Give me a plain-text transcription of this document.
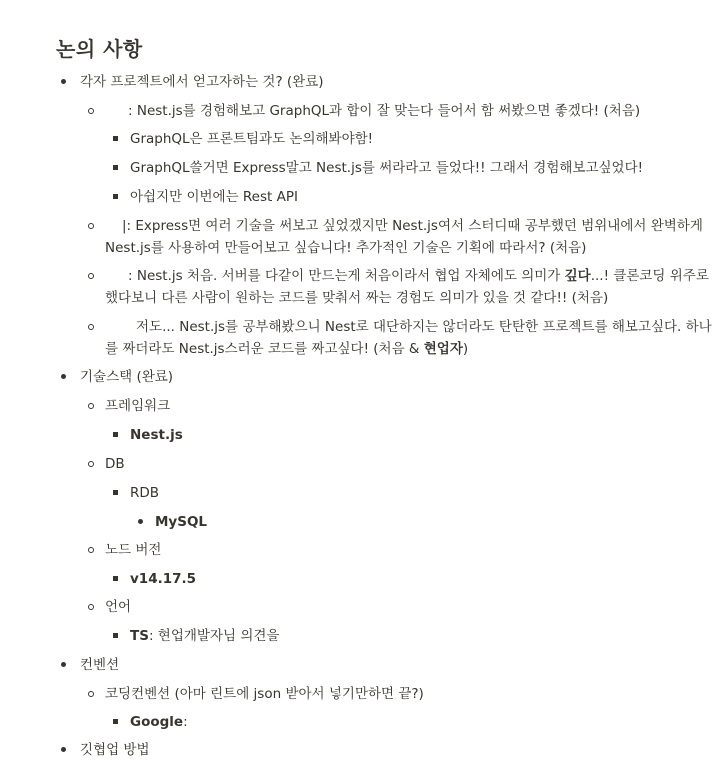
논의 사항
각자 프로젝트에서 얻고자하는 것? (완료)
: Nest.js를 경험해보고 GraphQL과 합이 잘 맞는다 들어서 함 써봤으면 좋겠다! (처음)
GraphQL은 프론트팀과도 논의해봐야함!
GraphQL쓸거면 Express말고 Nest.js를 써라라고 들었다!! 그래서 경험해보고싶었다!
아쉽지만 이번에는 Rest API
|: Express면 여러 기술을 써보고 싶었겠지만 Nest.js여서 스터디때 공부했던 범위내에서 완벽하게
Nest.js를 사용하여 만들어보고 싶습니다! 추가적인 기술은 기획에 따라서? (처음)
: Nest.js 처음. 서버를 다같이 만드는게 처음이라서 협업 자체에도 의미가 깊다...! 클론코딩 위주로
했다보니 다른 사람이 원하는 코드를 맞춰서 짜는 경험도 의미가 있을 것 같다!! (처음)
저도... Nest.js를 공부해봤으니 Nest로 대단하지는 않더라도 탄탄한 프로젝트를 해보고싶다. 하나
를 짜더라도 Nest.js스러운 코드를 짜고싶다! (처음 & 현업자)
기술스택 (완료)
프레임워크
Nest.js
DB
RDB
MySQL
노드 버전
v14.17.5
언어
TS: 현업개발자님 의견을
컨벤션
코딩컨벤션 (아마 린트에 json 받아서 넣기만하면 끝?)
Google:
깃협업 방법
